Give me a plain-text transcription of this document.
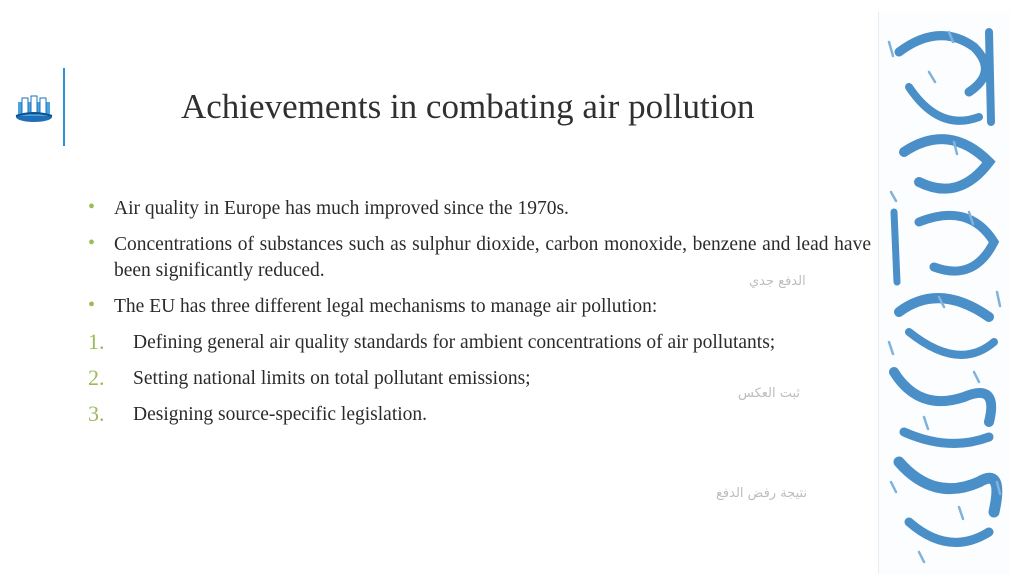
Achievements in combating air pollution
• Air quality in Europe has much improved since the 1970s.
• Concentrations of substances such as sulphur dioxide, carbon monoxide, benzene and lead have been significantly reduced.
• The EU has three different legal mechanisms to manage air pollution:
1.	Defining general air quality standards for ambient concentrations of air pollutants;
2.	Setting national limits on total pollutant emissions;
3.	Designing source-specific legislation.
الدفع جدي
ثبت العكس
نتيجة رفض الدفع
